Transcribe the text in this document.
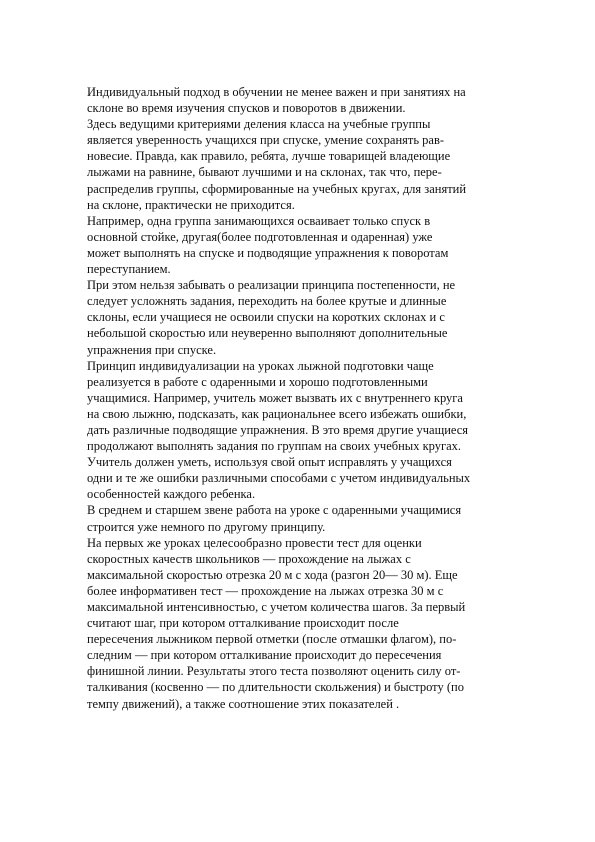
Индивидуальный подход в обучении не менее важен и при занятиях на
склоне во время изучения спусков и поворотов в движении.
Здесь ведущими критериями деления класса на учебные группы
является уверенность учащихся при спуске, умение сохранять рав-
новесие. Правда, как правило, ребята, лучше товарищей владеющие
лыжами на равнине, бывают лучшими и на склонах, так что, пере-
распределив группы, сформированные на учебных кругах, для занятий
на склоне, практически не приходится.
Например, одна группа занимающихся осваивает только спуск в
основной стойке, другая(более подготовленная и одаренная) уже
может выполнять на спуске и подводящие упражнения к поворотам
переступанием.
При этом нельзя забывать о реализации принципа постепенности, не
следует усложнять задания, переходить на более крутые и длинные
склоны, если учащиеся не освоили спуски на коротких склонах и с
небольшой скоростью или неуверенно выполняют дополнительные
упражнения при спуске.
Принцип индивидуализации на уроках лыжной подготовки чаще
реализуется в работе с одаренными и хорошо подготовленными
учащимися. Например, учитель может вызвать их с внутреннего круга
на свою лыжню, подсказать, как рациональнее всего избежать ошибки,
дать различные подводящие упражнения. В это время другие учащиеся
продолжают выполнять задания по группам на своих учебных кругах.
Учитель должен уметь, используя свой опыт исправлять у учащихся
одни и те же ошибки различными способами с учетом индивидуальных
особенностей каждого ребенка.
В среднем и старшем звене работа на уроке с одаренными учащимися
строится уже немного по другому принципу.
На первых же уроках целесообразно провести тест для оценки
скоростных качеств школьников — прохождение на лыжах с
максимальной скоростью отрезка 20 м с хода (разгон 20— 30 м). Еще
более информативен тест — прохождение на лыжах отрезка 30 м с
максимальной интенсивностью, с учетом количества шагов. За первый
считают шаг, при котором отталкивание происходит после
пересечения лыжником первой отметки (после отмашки флагом), по-
следним — при котором отталкивание происходит до пересечения
финишной линии. Результаты этого теста позволяют оценить силу от-
талкивания (косвенно — по длительности скольжения) и быстроту (по
темпу движений), а также соотношение этих показателей .
